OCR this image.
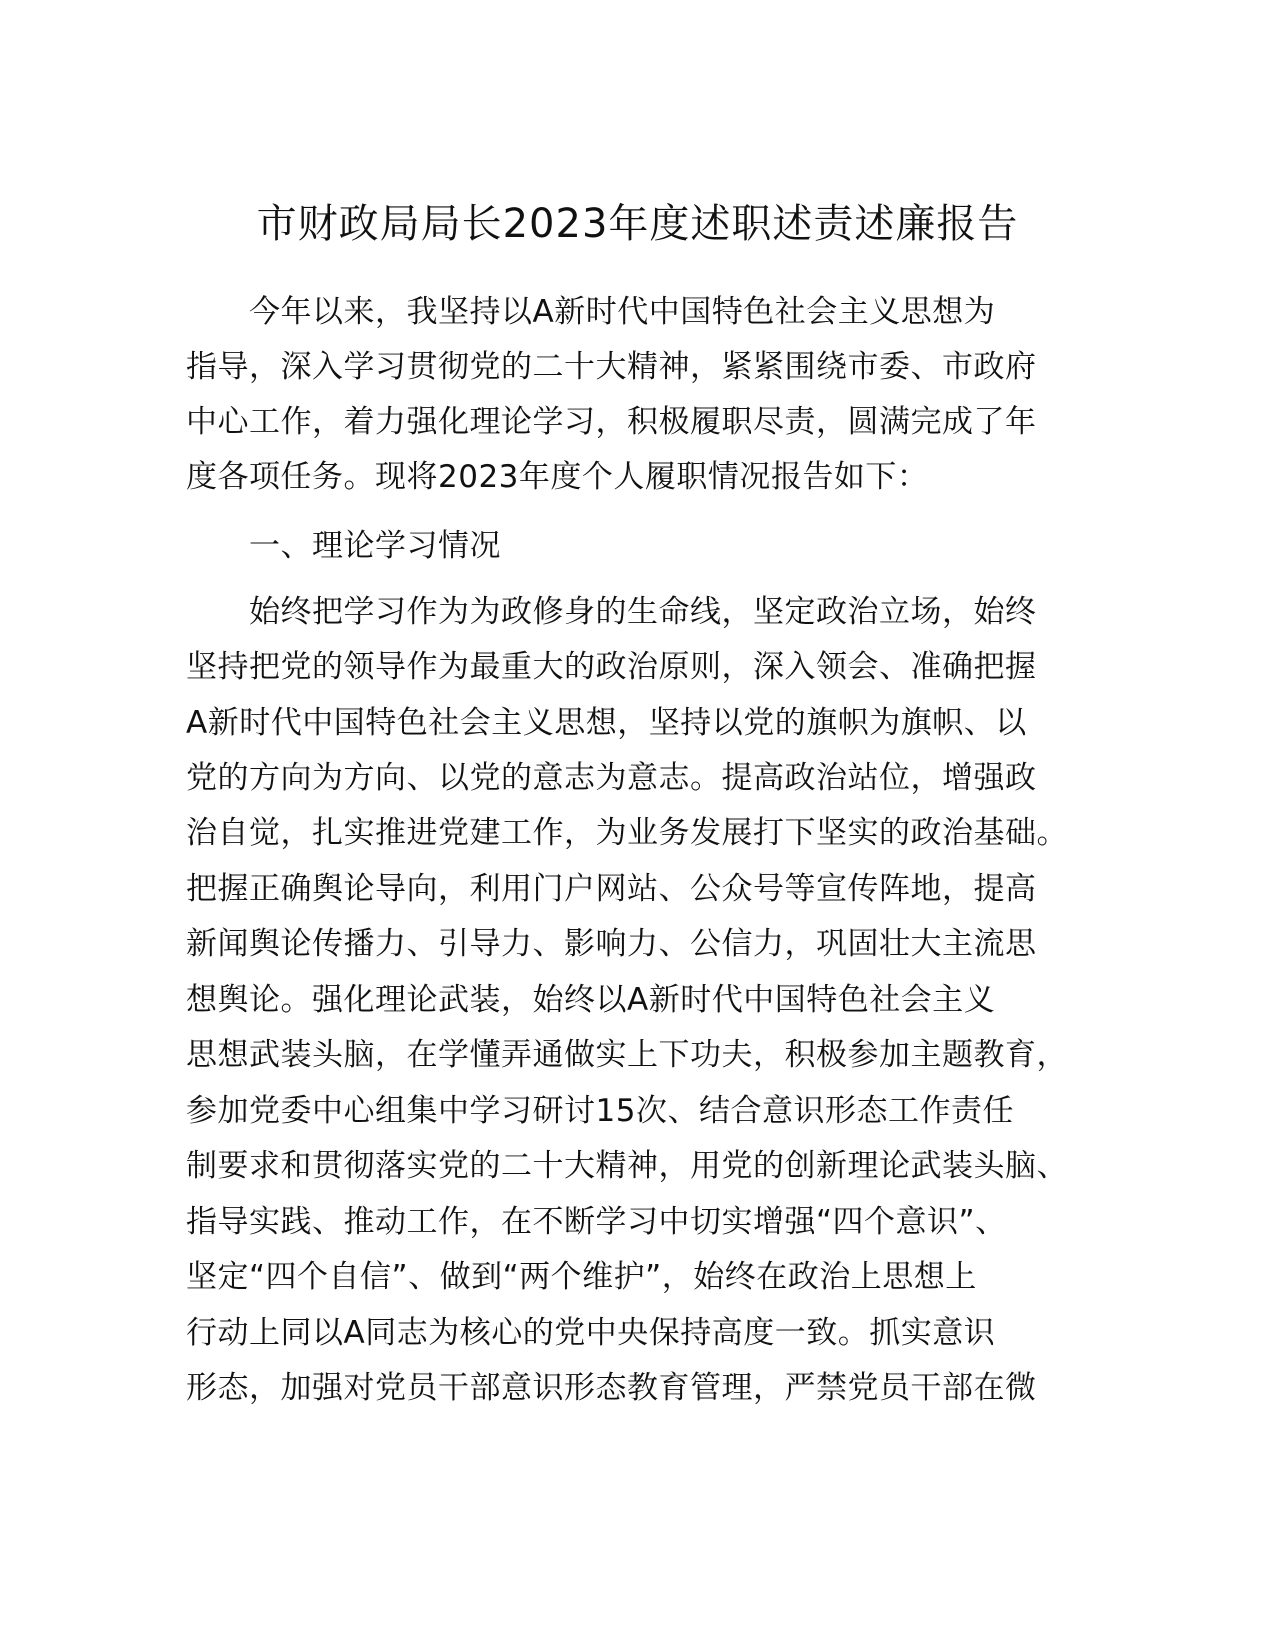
市财政局局长2023年度述职述责述廉报告
　　今年以来，我坚持以A新时代中国特色社会主义思想为
指导，深入学习贯彻党的二十大精神，紧紧围绕市委、市政府
中心工作，着力强化理论学习，积极履职尽责，圆满完成了年
度各项任务。现将2023年度个人履职情况报告如下：
　　一、理论学习情况
　　始终把学习作为为政修身的生命线，坚定政治立场，始终
坚持把党的领导作为最重大的政治原则，深入领会、准确把握
A新时代中国特色社会主义思想，坚持以党的旗帜为旗帜、以
党的方向为方向、以党的意志为意志。提高政治站位，增强政
治自觉，扎实推进党建工作，为业务发展打下坚实的政治基础。
把握正确舆论导向，利用门户网站、公众号等宣传阵地，提高
新闻舆论传播力、引导力、影响力、公信力，巩固壮大主流思
想舆论。强化理论武装，始终以A新时代中国特色社会主义
思想武装头脑，在学懂弄通做实上下功夫，积极参加主题教育，
参加党委中心组集中学习研讨15次、结合意识形态工作责任
制要求和贯彻落实党的二十大精神，用党的创新理论武装头脑、
指导实践、推动工作，在不断学习中切实增强“四个意识”、
坚定“四个自信”、做到“两个维护”，始终在政治上思想上
行动上同以A同志为核心的党中央保持高度一致。抓实意识
形态，加强对党员干部意识形态教育管理，严禁党员干部在微
